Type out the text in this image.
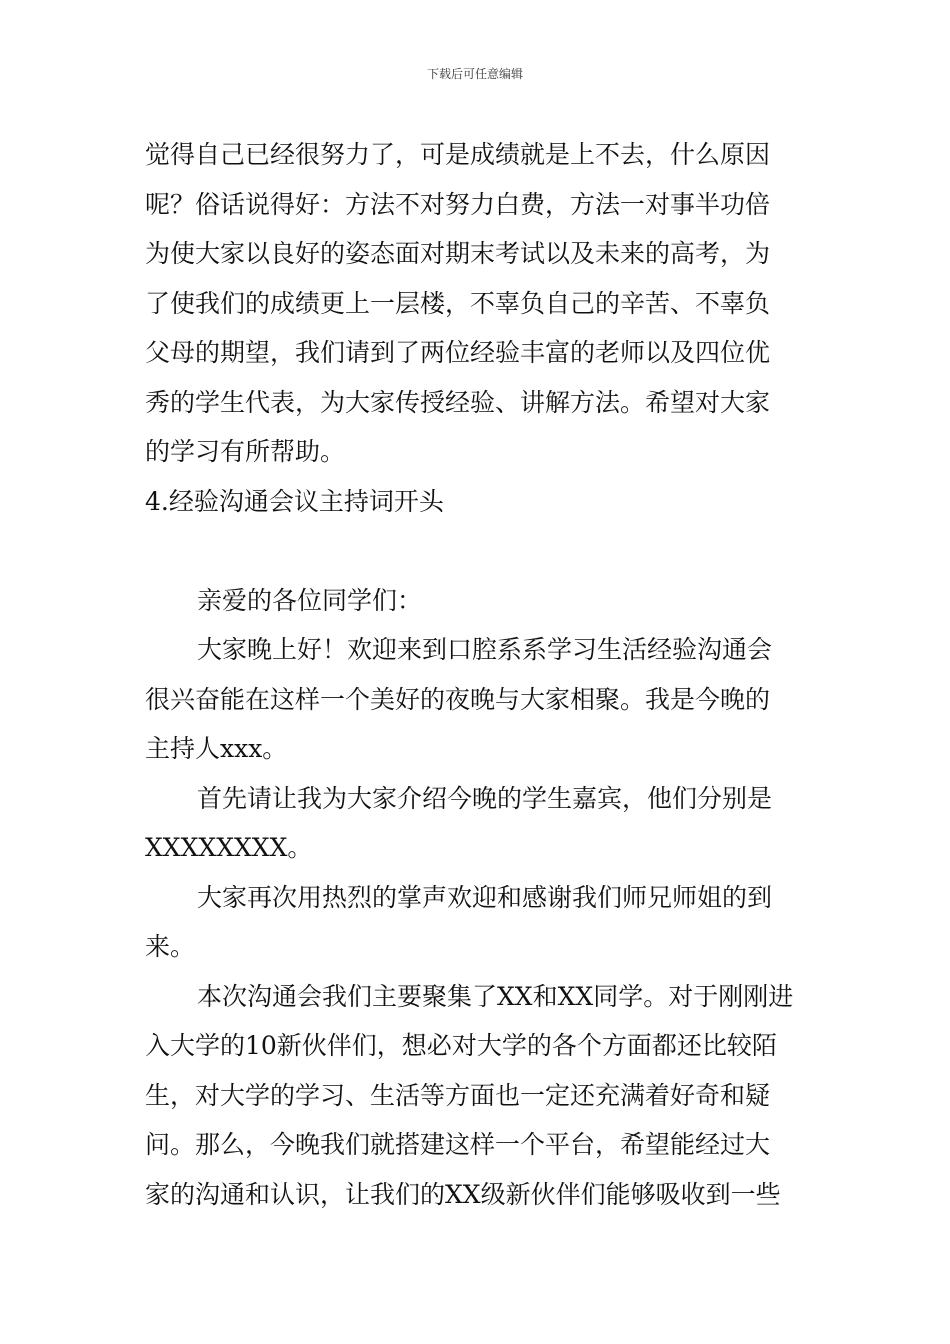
下载后可任意编辑
觉得自己已经很努力了，可是成绩就是上不去，什么原因
呢？俗话说得好：方法不对努力白费，方法一对事半功倍
为使大家以良好的姿态面对期末考试以及未来的高考，为
了使我们的成绩更上一层楼，不辜负自己的辛苦、不辜负
父母的期望，我们请到了两位经验丰富的老师以及四位优
秀的学生代表，为大家传授经验、讲解方法。希望对大家
的学习有所帮助。
4.经验沟通会议主持词开头
亲爱的各位同学们：
大家晚上好！欢迎来到口腔系系学习生活经验沟通会
很兴奋能在这样一个美好的夜晚与大家相聚。我是今晚的
主持人xxx。
首先请让我为大家介绍今晚的学生嘉宾，他们分别是
XXXXXXXX。
大家再次用热烈的掌声欢迎和感谢我们师兄师姐的到
来。
本次沟通会我们主要聚集了XX和XX同学。对于刚刚进
入大学的10新伙伴们，想必对大学的各个方面都还比较陌
生，对大学的学习、生活等方面也一定还充满着好奇和疑
问。那么，今晚我们就搭建这样一个平台，希望能经过大
家的沟通和认识，让我们的XX级新伙伴们能够吸收到一些
